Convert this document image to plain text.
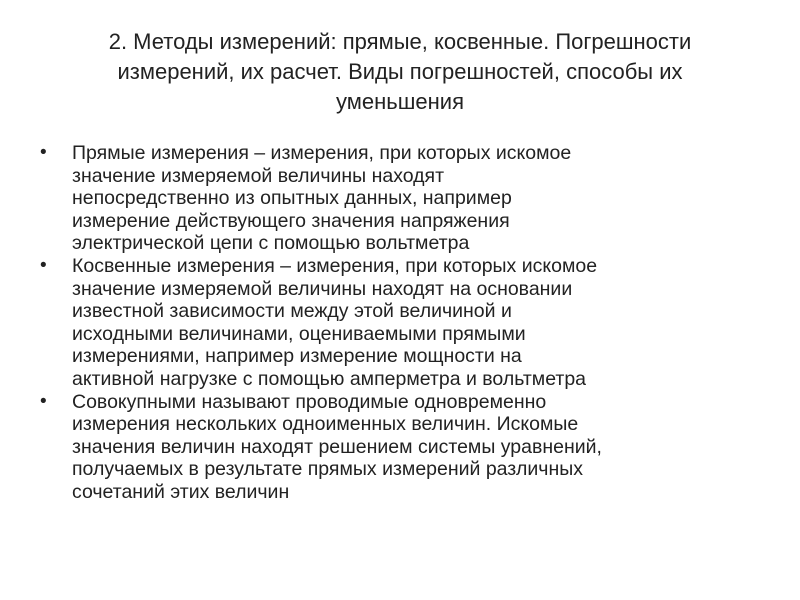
2. Методы измерений: прямые, косвенные. Погрешности
измерений, их расчет. Виды погрешностей, способы их
уменьшения
• Прямые измерения – измерения, при которых искомое
значение измеряемой величины находят
непосредственно из опытных данных, например
измерение действующего значения напряжения
электрической цепи с помощью вольтметра
• Косвенные измерения – измерения, при которых искомое
значение измеряемой величины находят на основании
известной зависимости между этой величиной и
исходными величинами, оцениваемыми прямыми
измерениями, например измерение мощности на
активной нагрузке с помощью амперметра и вольтметра
• Совокупными называют проводимые одновременно
измерения нескольких одноименных величин. Искомые
значения величин находят решением системы уравнений,
получаемых в результате прямых измерений различных
сочетаний этих величин
